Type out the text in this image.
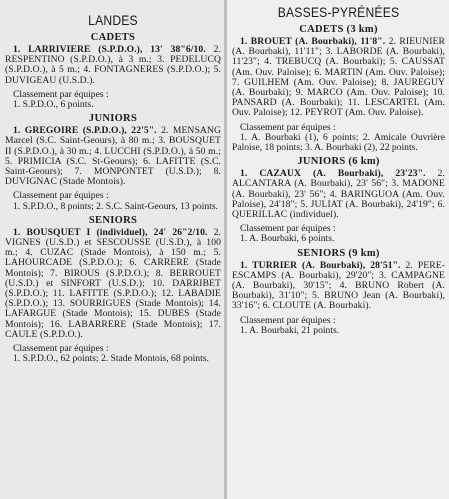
LANDES
CADETS

1. LARRIVIERE (S.P.D.O.), 13' 38"6/10. 2. RESPENTINO (S.P.D.O.), à 3 m.; 3. PEDELUCQ (S.P.D.O.), à 5 m.; 4. FONTAGNERES (S.P.D.O.); 5. DUVIGEAU (U.S.D.).

Classement par équipes :

1. S.P.D.O., 6 points.

JUNIORS

1. GREGOIRE (S.P.D.O.), 22'5". 2. MENSANG Marcel (S.C. Saint-Geours), à 80 m.; 3. BOUSQUET II (S.P.D.O.), à 30 m.; 4. LUCCHI (S.P.D.O.), à 50 m.; 5. PRIMICIA (S.C. St-Geours); 6. LAFITTE (S.C. Saint-Geours); 7. MONPONTET (U.S.D.); 8. DUVIGNAC (Stade Montois).

Classement par équipes :

1. S.P.D.O., 8 points; 2. S.C. Saint-Geours, 13 points.

SENIORS

1. BOUSQUET I (individuel), 24' 26"2/10. 2. VIGNES (U.S.D.) et SESCOUSSE (U.S.D.), à 100 m.; 4. CUZAC (Stade Montois), à 150 m.; 5. LAHOURCADE (S.P.D.O.); 6. CARRERE (Stade Montois); 7. BIROUS (S.P.D.O.); 8. BERROUET (U.S.D.) et SINFORT (U.S.D.); 10. DARRIBET (S.P.D.O.); 11. LAFITTE (S.P.D.O.); 12. LABADIE (S.P.D.O.); 13. SOURRIGUES (Stade Montois); 14. LAFARGUE (Stade Montois); 15. DUBES (Stade Montois); 16. LABARRERE (Stade Montois); 17. CAULE (S.P.D.O.).

Classement par équipes :

1. S.P.D.O., 62 points; 2. Stade Montois, 68 points.

BASSES-PYRÉNÉES
CADETS (3 km)

1. BROUET (A. Bourbaki), 11'8". 2. RIEUNIER (A. Bourbaki), 11'11"; 3. LABORDE (A. Bourbaki), 11'23"; 4. TREBUCQ (A. Bourbaki); 5. CAUSSAT (Am. Ouv. Paloise); 6. MARTIN (Am. Ouv. Paloise); 7. GUILHEM (Am. Ouv. Paloise); 8. JAUREGUY (A. Bourbaki); 9. MARCO (Am. Ouv. Paloise); 10. PANSARD (A. Bourbaki); 11. LESCARTEL (Am. Ouv. Paloise); 12. PEYROT (Am. Ouv. Paloise).

Classement par équipes :

1. A. Bourbaki (1), 6 points; 2. Amicale Ouvrière Paloise, 18 points; 3. A. Bourbaki (2), 22 points.

JUNIORS (6 km)

1. CAZAUX (A. Bourbaki), 23'23". 2. ALCANTARA (A. Bourbaki), 23' 56"; 3. MADONE (A. Bourbaki), 23' 56"; 4. BARINGUOA (Am. Ouv. Paloise), 24'18"; 5. JULIAT (A. Bourbaki), 24'19"; 6. QUERILLAC (individuel).

Classement par équipes :

1. A. Bourbaki, 6 points.

SENIORS (9 km)

1. TURRIER (A. Bourbaki), 28'51". 2. PERE-ESCAMPS (A. Bourbaki), 29'20"; 3. CAMPAGNE (A. Bourbaki), 30'15"; 4. BRUNO Robert (A. Bourbaki), 31'10"; 5. BRUNO Jean (A. Bourbaki), 33'16"; 6. CLOUTE (A. Bourbaki).

Classement par équipes :

1. A. Bourbaki, 21 points.
